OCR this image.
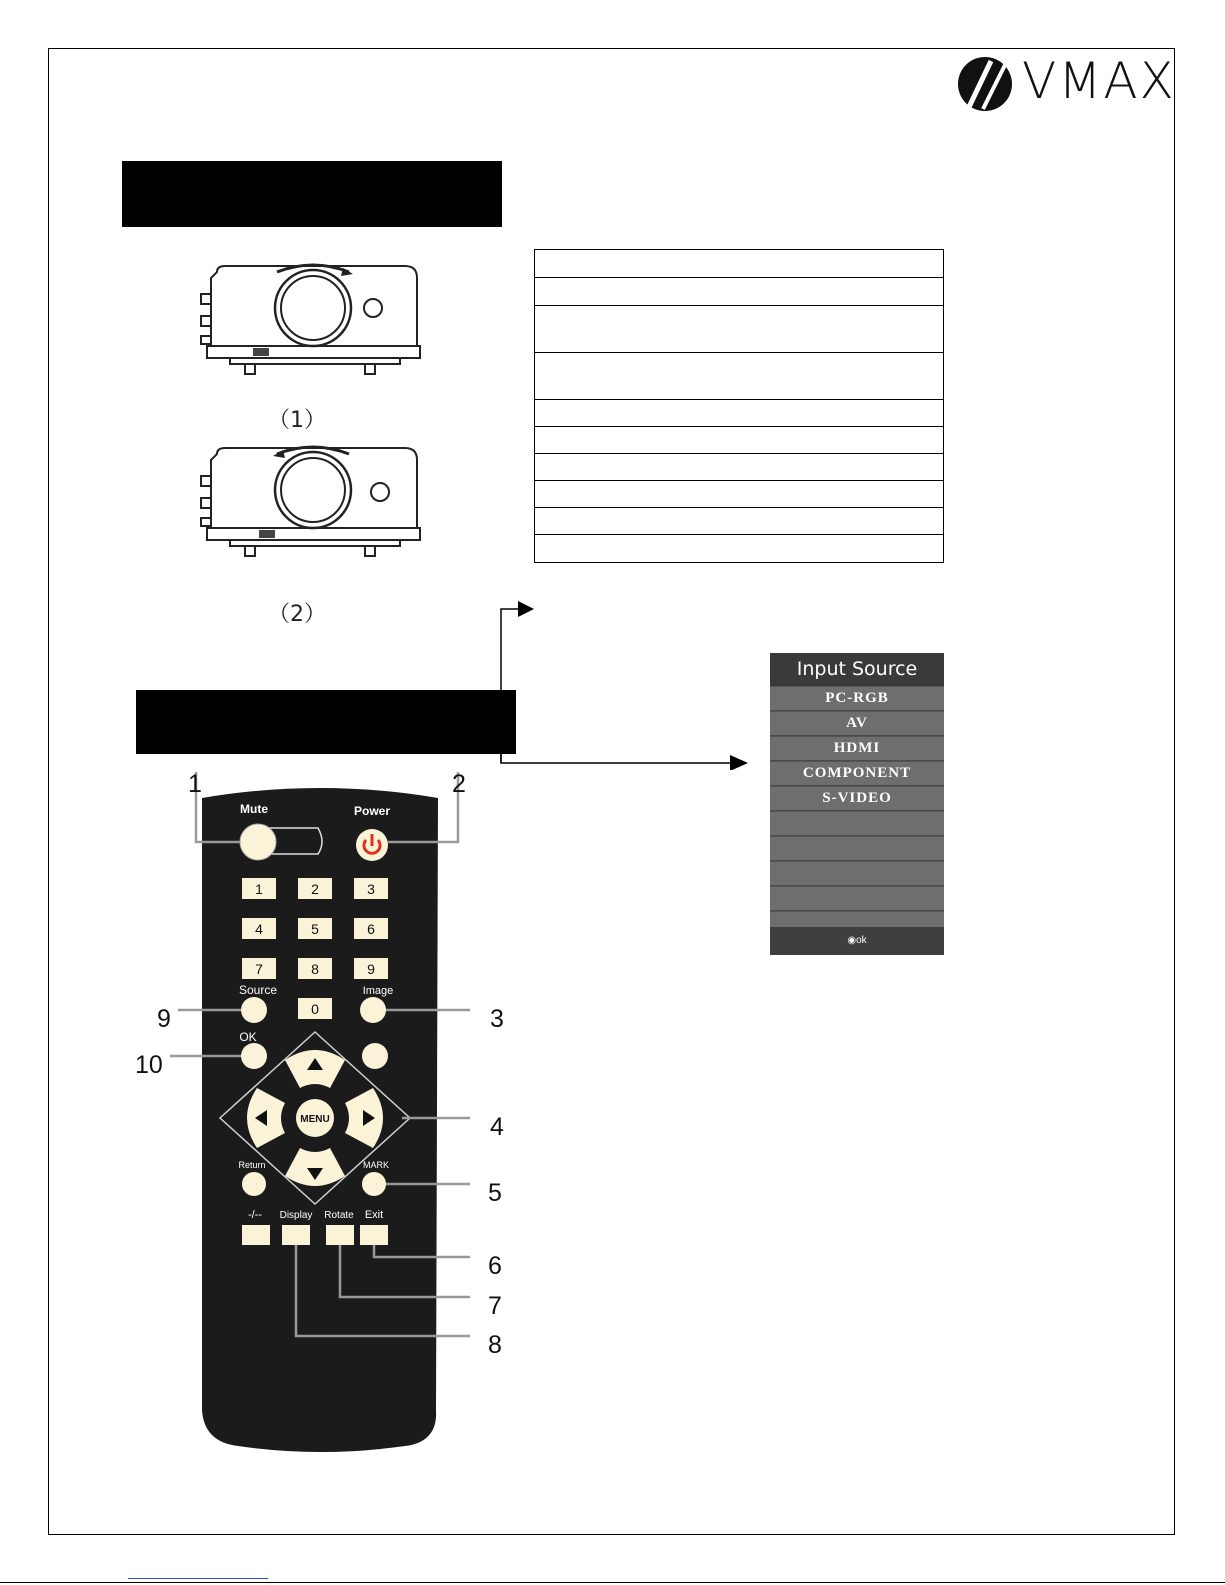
VMAX
（1）
（2）
Input Source
PC-RGB
AV
HDMI
COMPONENT
S-VIDEO
◉ok
Mute	Power
1	2	3
4	5	6
7	8	9
0
Source	Image
OK
MENU
Return	MARK
-/-- Display Rotate Exit
1	2
3
4
5
6
7
8
9
10
